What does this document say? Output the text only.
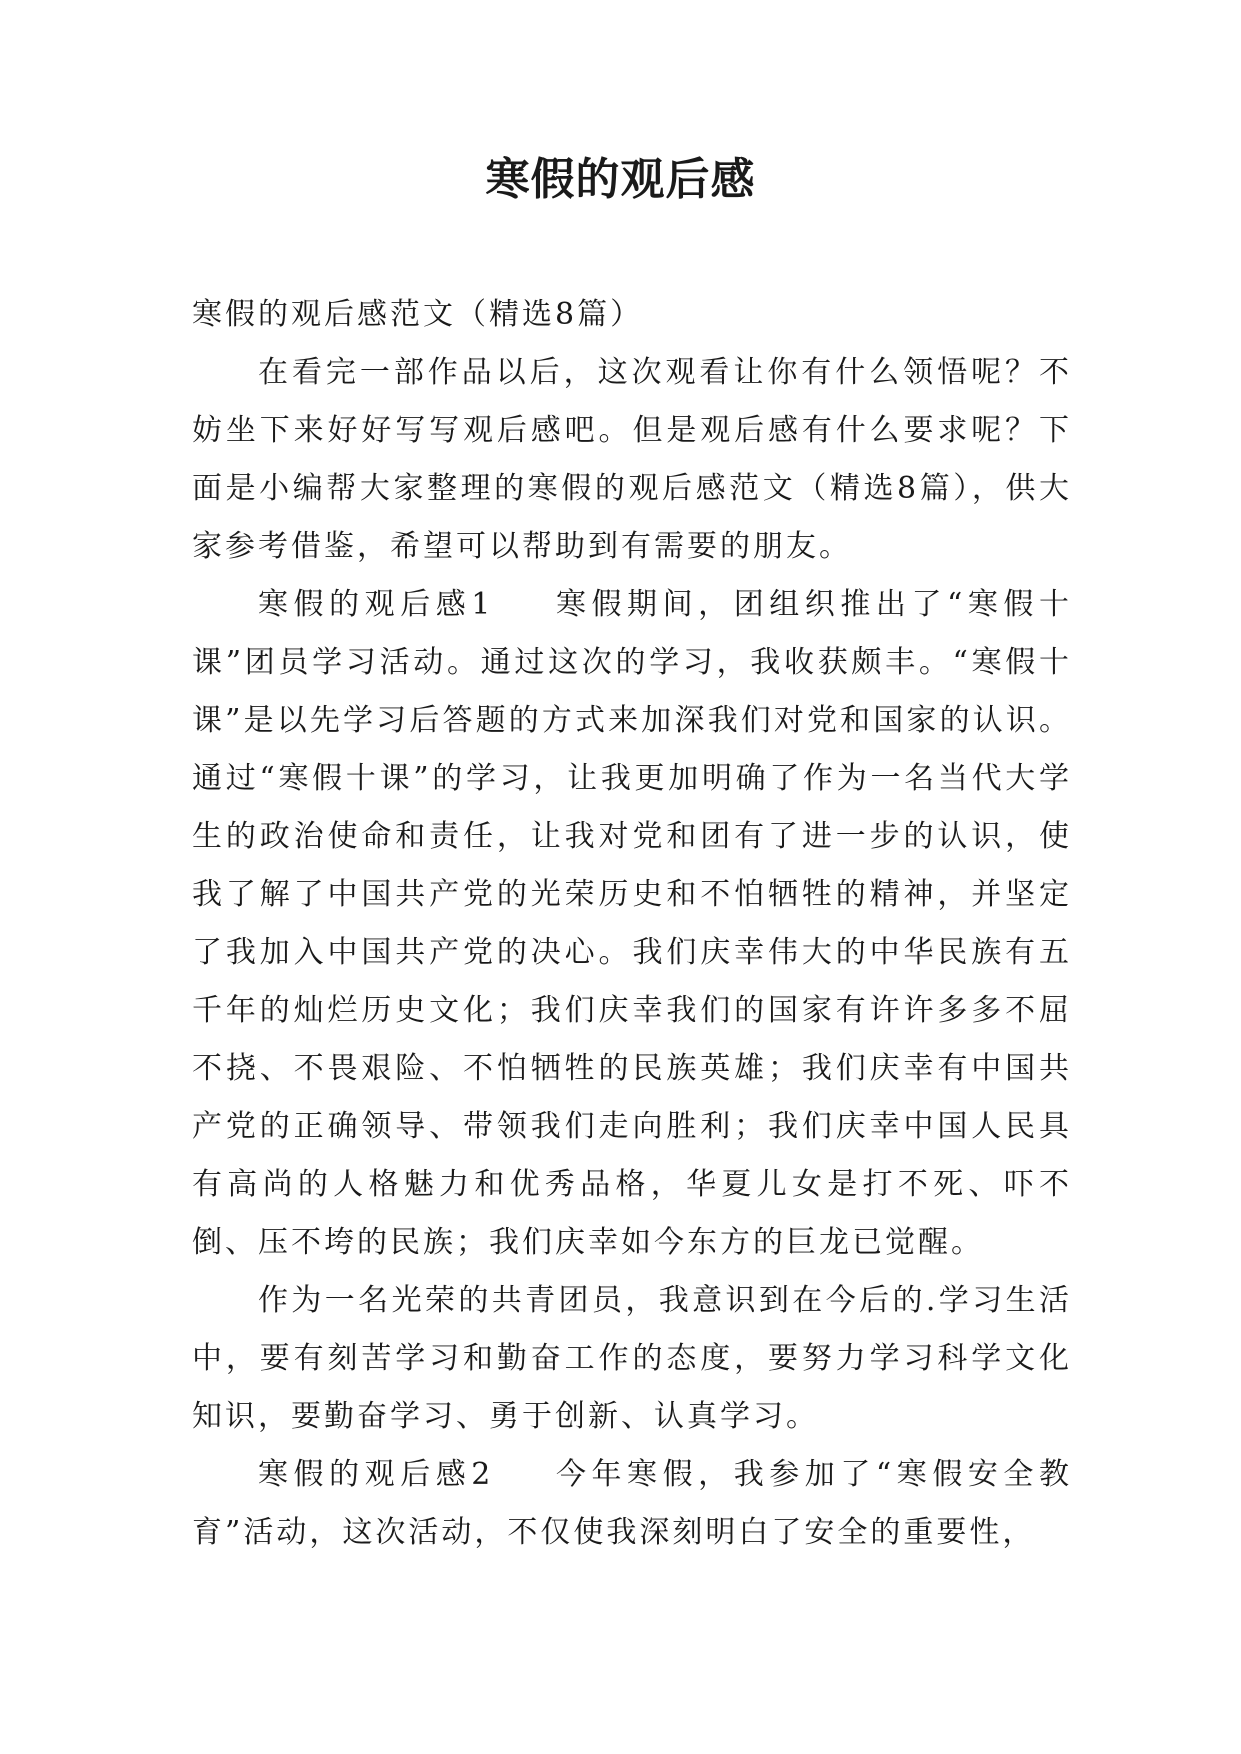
寒假的观后感

寒假的观后感范文（精选8篇）

在看完一部作品以后，这次观看让你有什么领悟呢？不妨坐下来好好写写观后感吧。但是观后感有什么要求呢？下面是小编帮大家整理的寒假的观后感范文（精选8篇），供大家参考借鉴，希望可以帮助到有需要的朋友。

寒假的观后感1 寒假期间，团组织推出了“寒假十课”团员学习活动。通过这次的学习，我收获颇丰。“寒假十课”是以先学习后答题的方式来加深我们对党和国家的认识。通过“寒假十课”的学习，让我更加明确了作为一名当代大学生的政治使命和责任，让我对党和团有了进一步的认识，使我了解了中国共产党的光荣历史和不怕牺牲的精神，并坚定了我加入中国共产党的决心。我们庆幸伟大的中华民族有五千年的灿烂历史文化；我们庆幸我们的国家有许许多多不屈不挠、不畏艰险、不怕牺牲的民族英雄；我们庆幸有中国共产党的正确领导、带领我们走向胜利；我们庆幸中国人民具有高尚的人格魅力和优秀品格，华夏儿女是打不死、吓不倒、压不垮的民族；我们庆幸如今东方的巨龙已觉醒。

作为一名光荣的共青团员，我意识到在今后的.学习生活中，要有刻苦学习和勤奋工作的态度，要努力学习科学文化知识，要勤奋学习、勇于创新、认真学习。

寒假的观后感2 今年寒假，我参加了“寒假安全教育”活动，这次活动，不仅使我深刻明白了安全的重要性，
